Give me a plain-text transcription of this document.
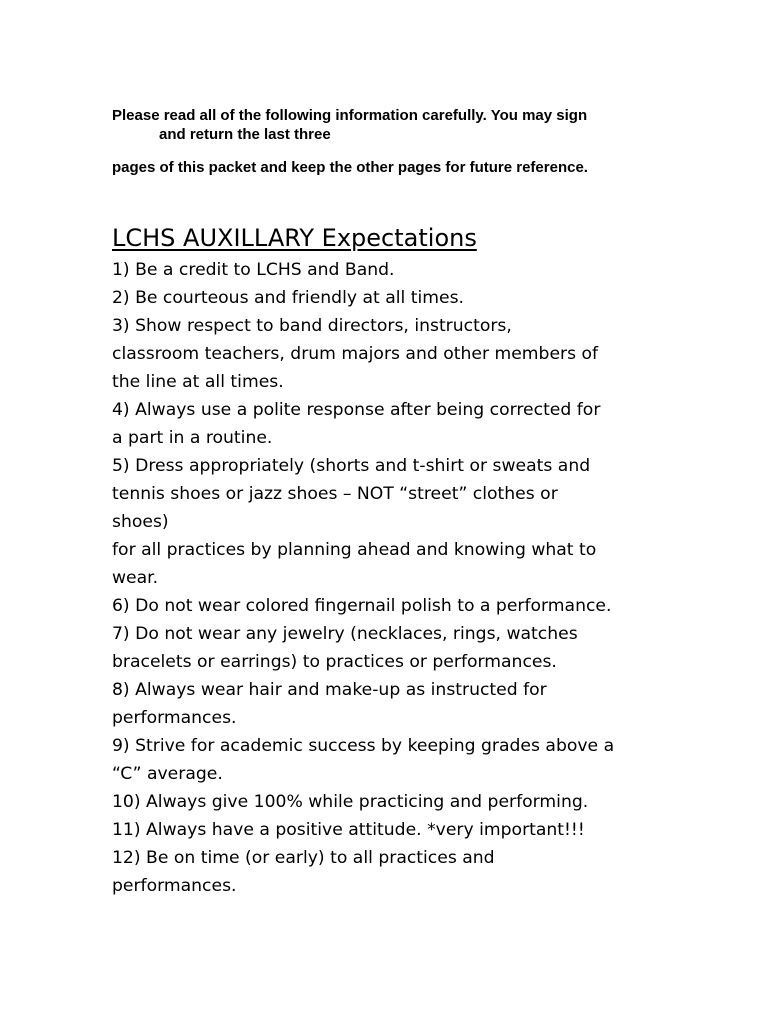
Please read all of the following information carefully. You may sign
and return the last three
pages of this packet and keep the other pages for future reference.
LCHS AUXILLARY Expectations

1) Be a credit to LCHS and Band.

2) Be courteous and friendly at all times.

3) Show respect to band directors, instructors,

classroom teachers, drum majors and other members of

the line at all times.

4) Always use a polite response after being corrected for

a part in a routine.

5) Dress appropriately (shorts and t-shirt or sweats and

tennis shoes or jazz shoes – NOT “street” clothes or

shoes)

for all practices by planning ahead and knowing what to

wear.

6) Do not wear colored fingernail polish to a performance.

7) Do not wear any jewelry (necklaces, rings, watches

bracelets or earrings) to practices or performances.

8) Always wear hair and make-up as instructed for

performances.

9) Strive for academic success by keeping grades above a

“C” average.

10) Always give 100% while practicing and performing.

11) Always have a positive attitude. *very important!!!

12) Be on time (or early) to all practices and

performances.
